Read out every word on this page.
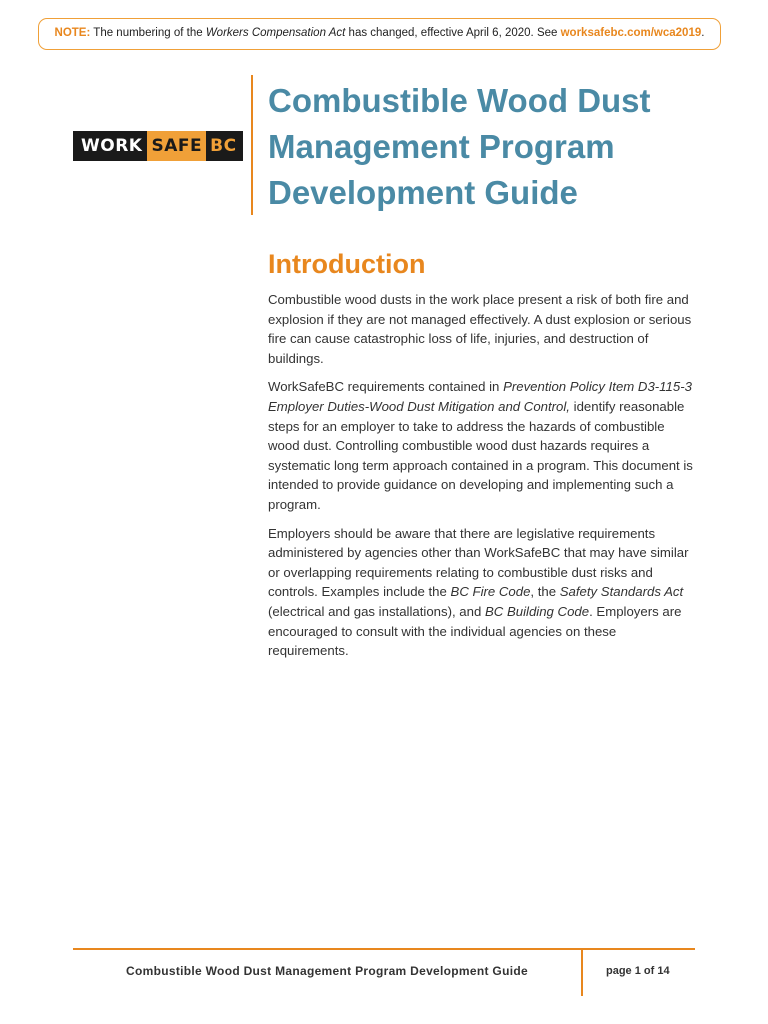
NOTE: The numbering of the Workers Compensation Act has changed, effective April 6, 2020. See worksafebc.com/wca2019.
WORK SAFE BC
Combustible Wood Dust
Management Program
Development Guide
Introduction

Combustible wood dusts in the work place present a risk of both fire and explosion if they are not managed effectively. A dust explosion or serious fire can cause catastrophic loss of life, injuries, and destruction of buildings.

WorkSafeBC requirements contained in Prevention Policy Item D3-115-3 Employer Duties-Wood Dust Mitigation and Control, identify reasonable steps for an employer to take to address the hazards of combustible wood dust. Controlling combustible wood dust hazards requires a systematic long term approach contained in a program. This document is intended to provide guidance on developing and implementing such a program.

Employers should be aware that there are legislative requirements administered by agencies other than WorkSafeBC that may have similar or overlapping requirements relating to combustible dust risks and controls. Examples include the BC Fire Code, the Safety Standards Act (electrical and gas installations), and BC Building Code. Employers are encouraged to consult with the individual agencies on these requirements.

Combustible Wood Dust Management Program Development Guide	page 1 of 14
